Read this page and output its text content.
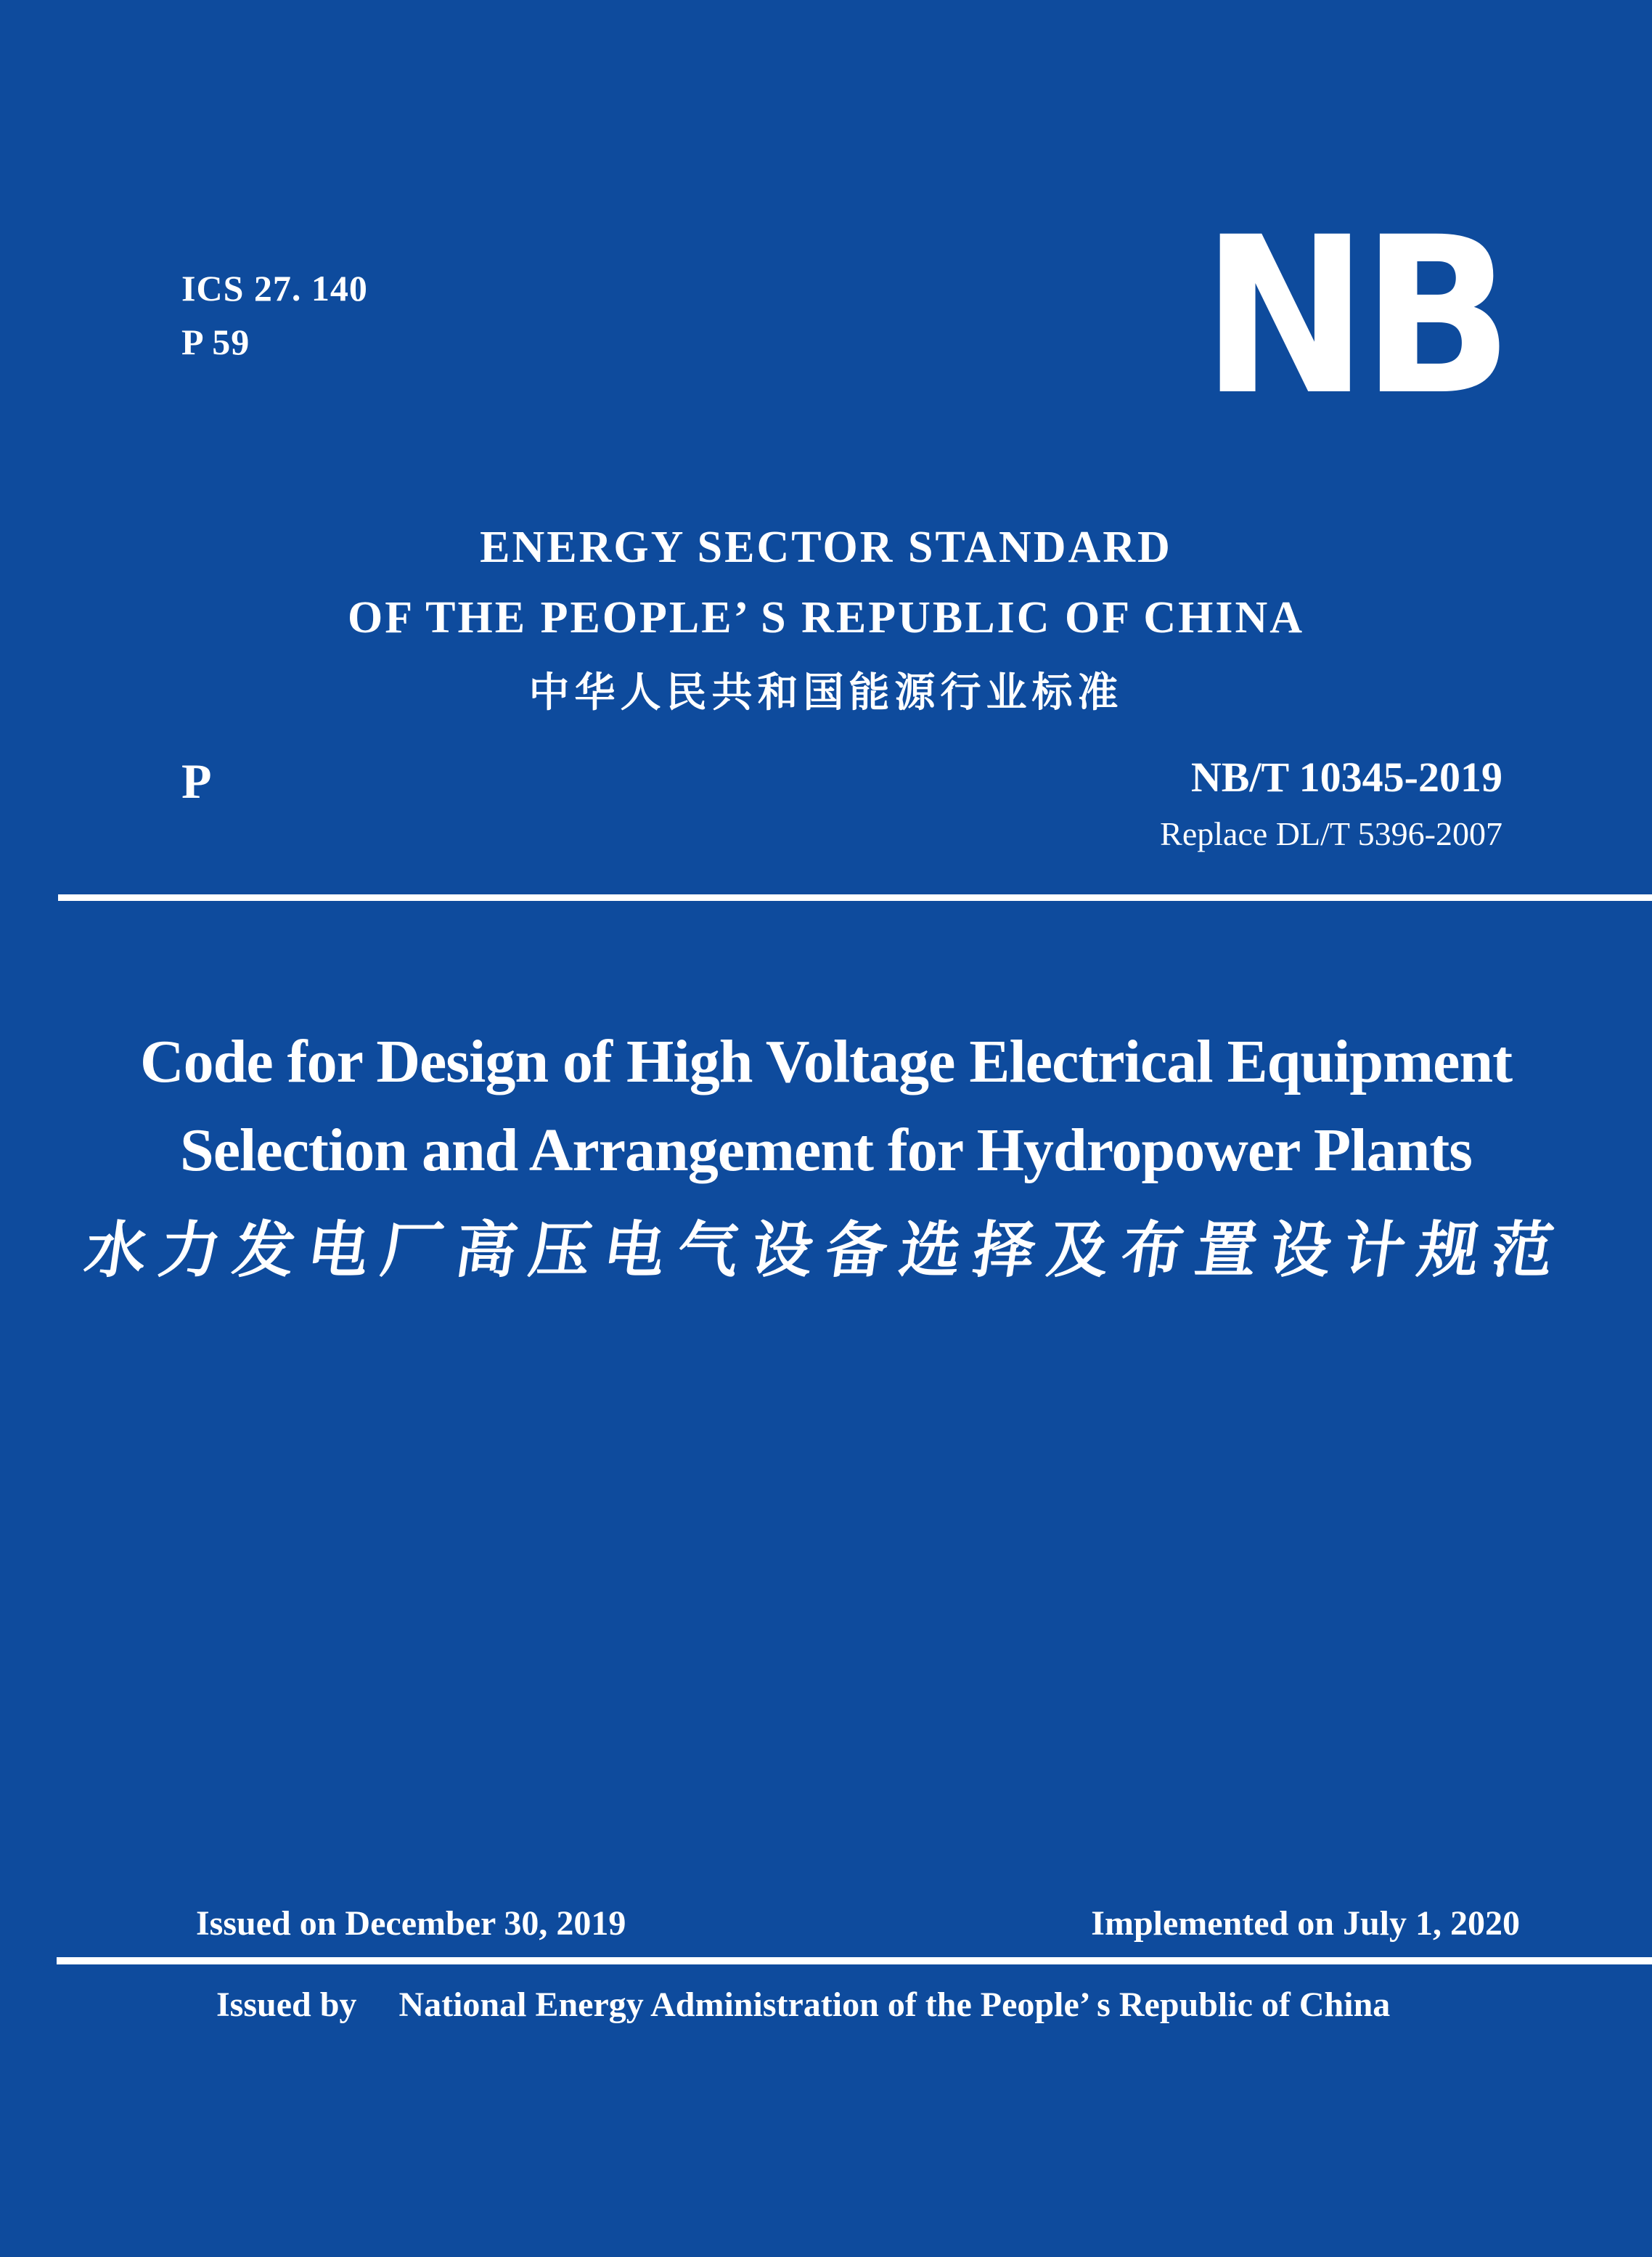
ICS 27. 140
P 59	NB
ENERGY SECTOR STANDARD
OF THE PEOPLE’ S REPUBLIC OF CHINA
中华人民共和国能源行业标准
P	NB/T 10345-2019
Replace DL/T 5396-2007
Code for Design of High Voltage Electrical Equipment
Selection and Arrangement for Hydropower Plants
水力发电厂高压电气设备选择及布置设计规范
Issued on December 30, 2019	Implemented on July 1, 2020
Issued by National Energy Administration of the People’ s Republic of China
